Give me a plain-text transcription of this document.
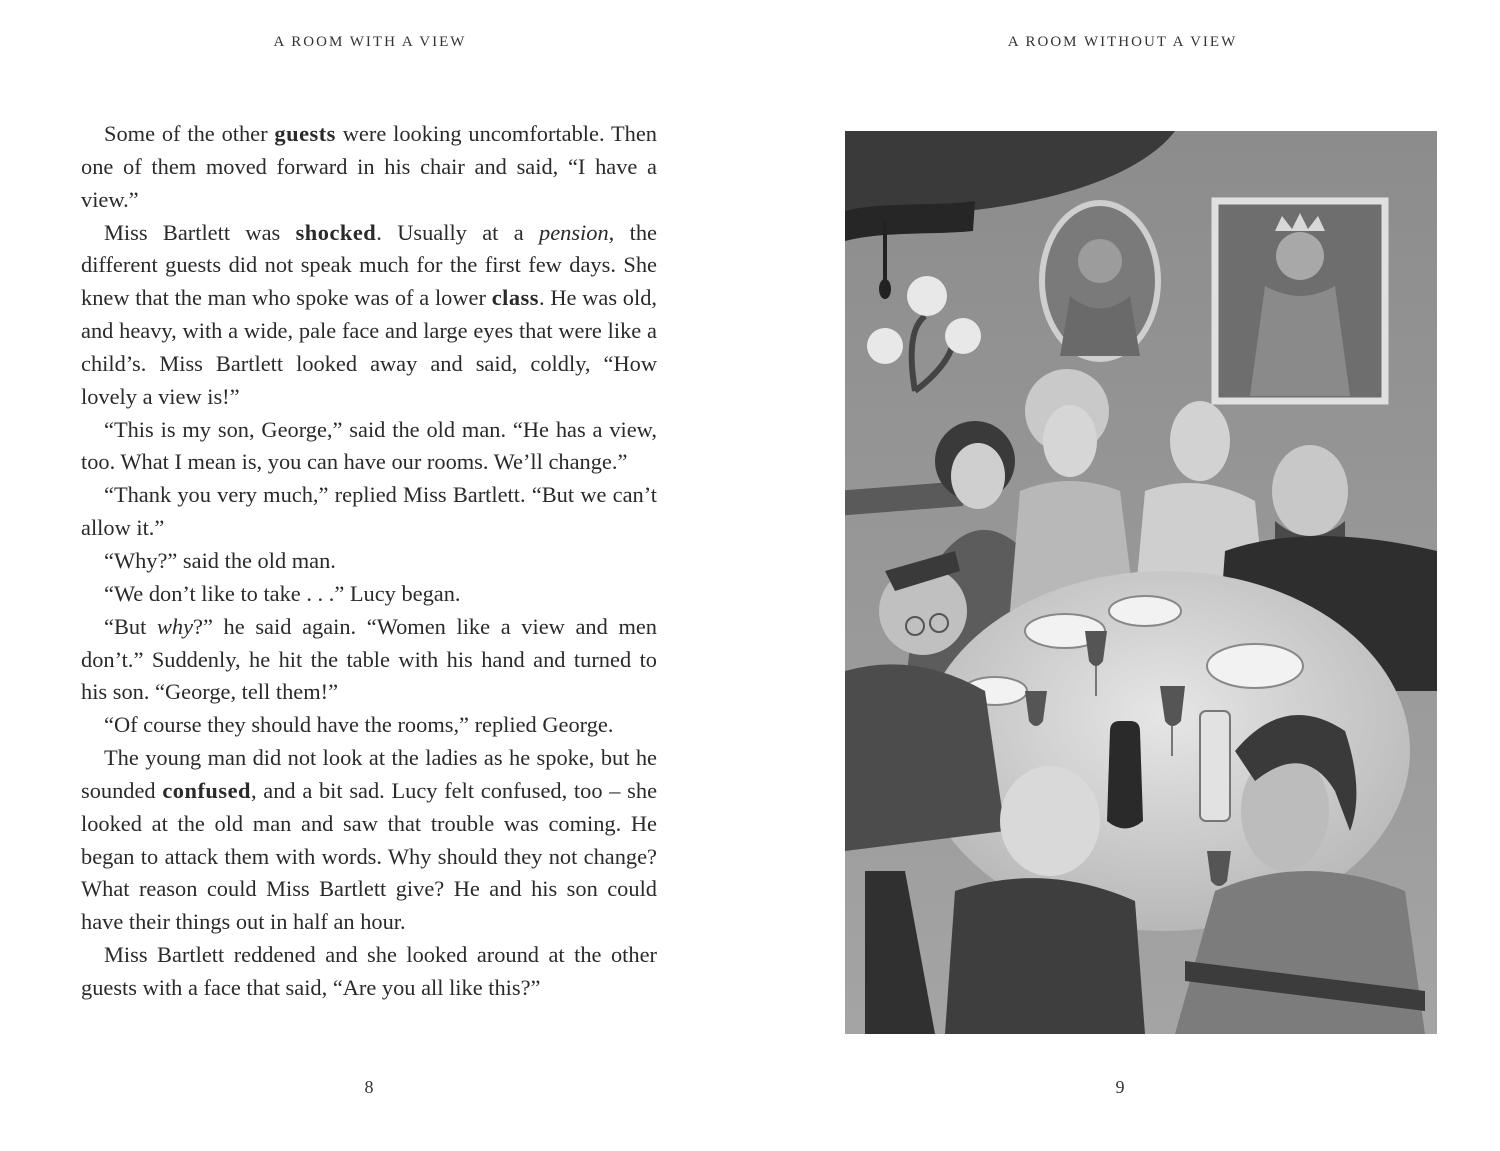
A ROOM WITH A VIEW

Some of the other guests were looking uncomfortable. Then one of them moved forward in his chair and said, “I have a view.”

Miss Bartlett was shocked. Usually at a pension, the different guests did not speak much for the first few days. She knew that the man who spoke was of a lower class. He was old, and heavy, with a wide, pale face and large eyes that were like a child’s. Miss Bartlett looked away and said, coldly, “How lovely a view is!”

“This is my son, George,” said the old man. “He has a view, too. What I mean is, you can have our rooms. We’ll change.”

“Thank you very much,” replied Miss Bartlett. “But we can’t allow it.”

“Why?” said the old man.

“We don’t like to take . . .” Lucy began.

“But why?” he said again. “Women like a view and men don’t.” Suddenly, he hit the table with his hand and turned to his son. “George, tell them!”

“Of course they should have the rooms,” replied George.

The young man did not look at the ladies as he spoke, but he sounded confused, and a bit sad. Lucy felt confused, too – she looked at the old man and saw that trouble was coming. He began to attack them with words. Why should they not change? What reason could Miss Bartlett give? He and his son could have their things out in half an hour.

Miss Bartlett reddened and she looked around at the other guests with a face that said, “Are you all like this?”

8
A ROOM WITHOUT A VIEW
9
